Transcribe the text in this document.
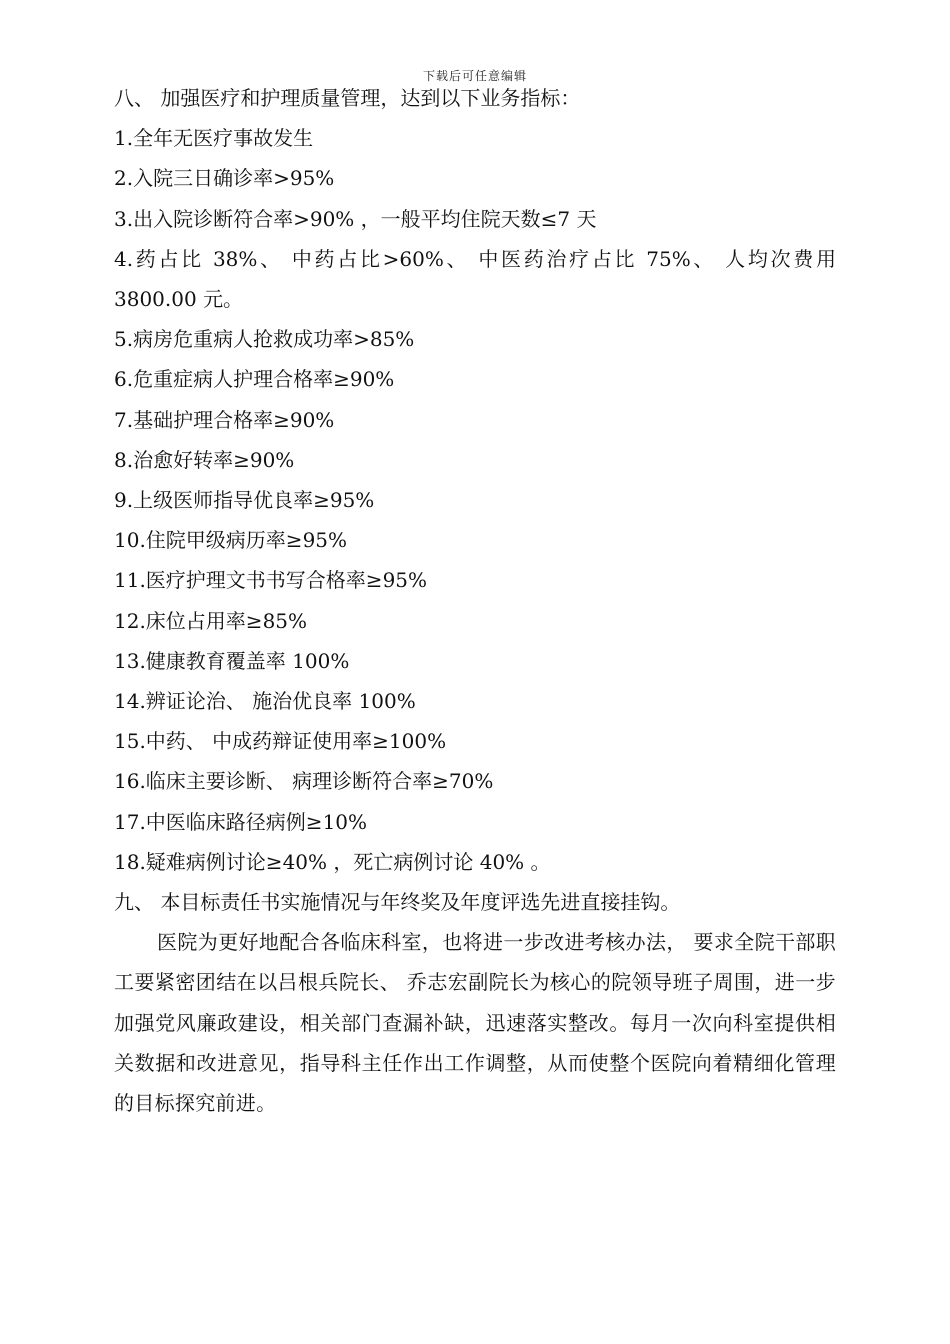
下载后可任意编辑
八、 加强医疗和护理质量管理，达到以下业务指标：
1.全年无医疗事故发生
2.入院三日确诊率>95%
3.出入院诊断符合率>90% ，一般平均住院天数≤7 天

4.药占比 38%、 中药占比>60%、 中医药治疗占比 75%、 人均次费用 3800.00 元。

5.病房危重病人抢救成功率>85%
6.危重症病人护理合格率≥90%
7.基础护理合格率≥90%
8.治愈好转率≥90%
9.上级医师指导优良率≥95%
10.住院甲级病历率≥95%
11.医疗护理文书书写合格率≥95%
12.床位占用率≥85%
13.健康教育覆盖率 100%
14.辨证论治、 施治优良率 100%
15.中药、 中成药辩证使用率≥100%
16.临床主要诊断、 病理诊断符合率≥70%
17.中医临床路径病例≥10%
18.疑难病例讨论≥40% ，死亡病例讨论 40% 。
九、 本目标责任书实施情况与年终奖及年度评选先进直接挂钩。

医院为更好地配合各临床科室，也将进一步改进考核办法， 要求全院干部职工要紧密团结在以吕根兵院长、 乔志宏副院长为核心的院领导班子周围，进一步加强党风廉政建设，相关部门查漏补缺，迅速落实整改。每月一次向科室提供相关数据和改进意见，指导科主任作出工作调整，从而使整个医院向着精细化管理的目标探究前进。
